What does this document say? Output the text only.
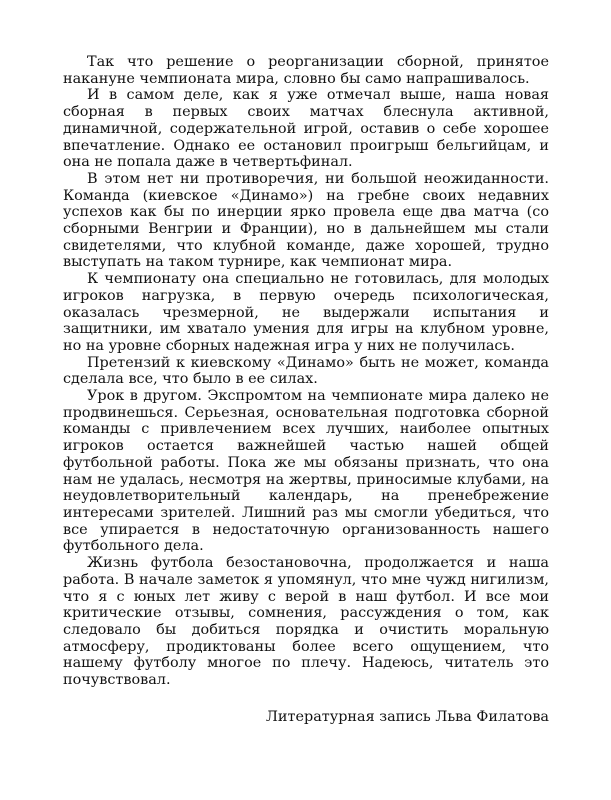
Так что решение о реорганизации сборной, принятое накануне чемпионата мира, словно бы само напрашивалось.

И в самом деле, как я уже отмечал выше, наша новая сборная в первых своих матчах блеснула активной, динамичной, содержательной игрой, оставив о себе хорошее впечатление. Однако ее остановил проигрыш бельгийцам, и она не попала даже в четвертьфинал.

В этом нет ни противоречия, ни большой неожиданности. Команда (киевское «Динамо») на гребне своих недавних успехов как бы по инерции ярко провела еще два матча (со сборными Венгрии и Франции), но в дальнейшем мы стали свидетелями, что клубной команде, даже хорошей, трудно выступать на таком турнире, как чемпионат мира.

К чемпионату она специально не готовилась, для молодых игроков нагрузка, в первую очередь психологическая, оказалась чрезмерной, не выдержали испытания и защитники, им хватало умения для игры на клубном уровне, но на уровне сборных надежная игра у них не получилась.

Претензий к киевскому «Динамо» быть не может, команда сделала все, что было в ее силах.

Урок в другом. Экспромтом на чемпионате мира далеко не продвинешься. Серьезная, основательная подготовка сборной команды с привлечением всех лучших, наиболее опытных игроков остается важнейшей частью нашей общей футбольной работы. Пока же мы обязаны признать, что она нам не удалась, несмотря на жертвы, приносимые клубами, на неудовлетворительный календарь, на пренебрежение интересами зрителей. Лишний раз мы смогли убедиться, что все упирается в недостаточную организованность нашего футбольного дела.

Жизнь футбола безостановочна, продолжается и наша работа. В начале заметок я упомянул, что мне чужд нигилизм, что я с юных лет живу с верой в наш футбол. И все мои критические отзывы, сомнения, рассуждения о том, как следовало бы добиться порядка и очистить моральную атмосферу, продиктованы более всего ощущением, что нашему футболу многое по плечу. Надеюсь, читатель это почувствовал.

Литературная запись Льва Филатова
